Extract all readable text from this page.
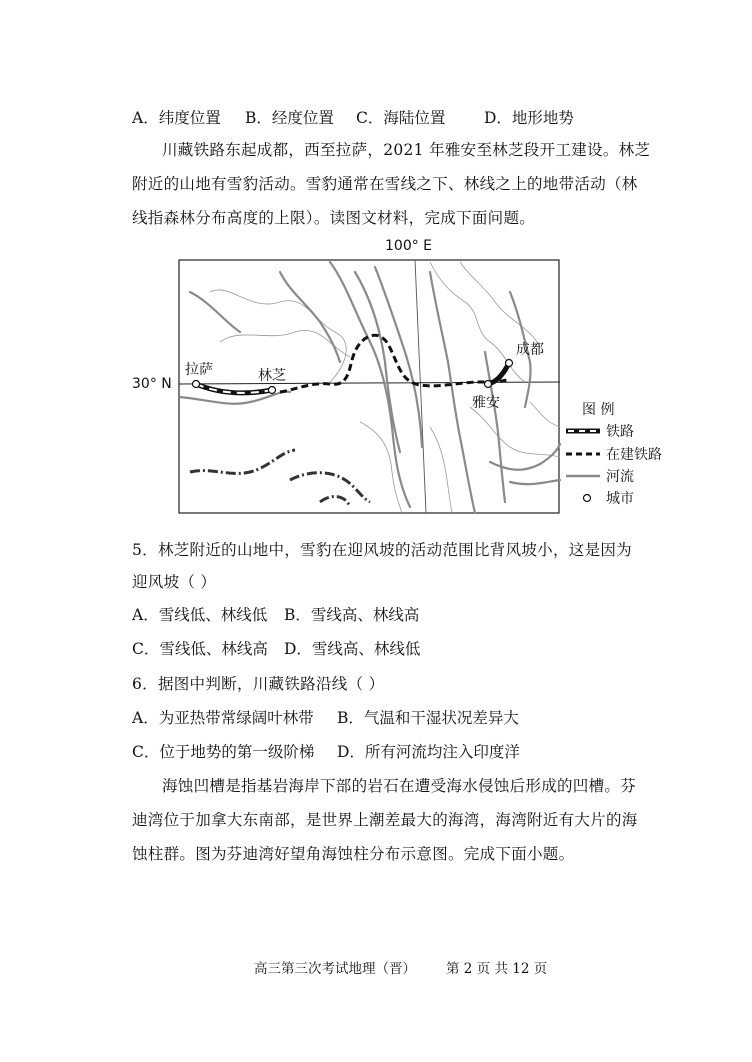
A．纬度位置 B．经度位置 C．海陆位置 D．地形地势
川藏铁路东起成都，西至拉萨，2021 年雅安至林芝段开工建设。林芝
附近的山地有雪豹活动。雪豹通常在雪线之下、林线之上的地带活动（林
线指森林分布高度的上限）。读图文材料，完成下面问题。
100° E
30° N
拉萨	林芝
雅安
成都
图 例
铁路
在建铁路
河流
城市
5．林芝附近的山地中，雪豹在迎风坡的活动范围比背风坡小，这是因为
迎风坡（ ）
A．雪线低、林线低 B．雪线高、林线高
C．雪线低、林线高 D．雪线高、林线低
6．据图中判断，川藏铁路沿线（ ）
A．为亚热带常绿阔叶林带 B．气温和干湿状况差异大
C．位于地势的第一级阶梯 D．所有河流均注入印度洋
海蚀凹槽是指基岩海岸下部的岩石在遭受海水侵蚀后形成的凹槽。芬
迪湾位于加拿大东南部，是世界上潮差最大的海湾，海湾附近有大片的海
蚀柱群。图为芬迪湾好望角海蚀柱分布示意图。完成下面小题。
高三第三次考试地理（晋） 第 2 页 共 12 页
